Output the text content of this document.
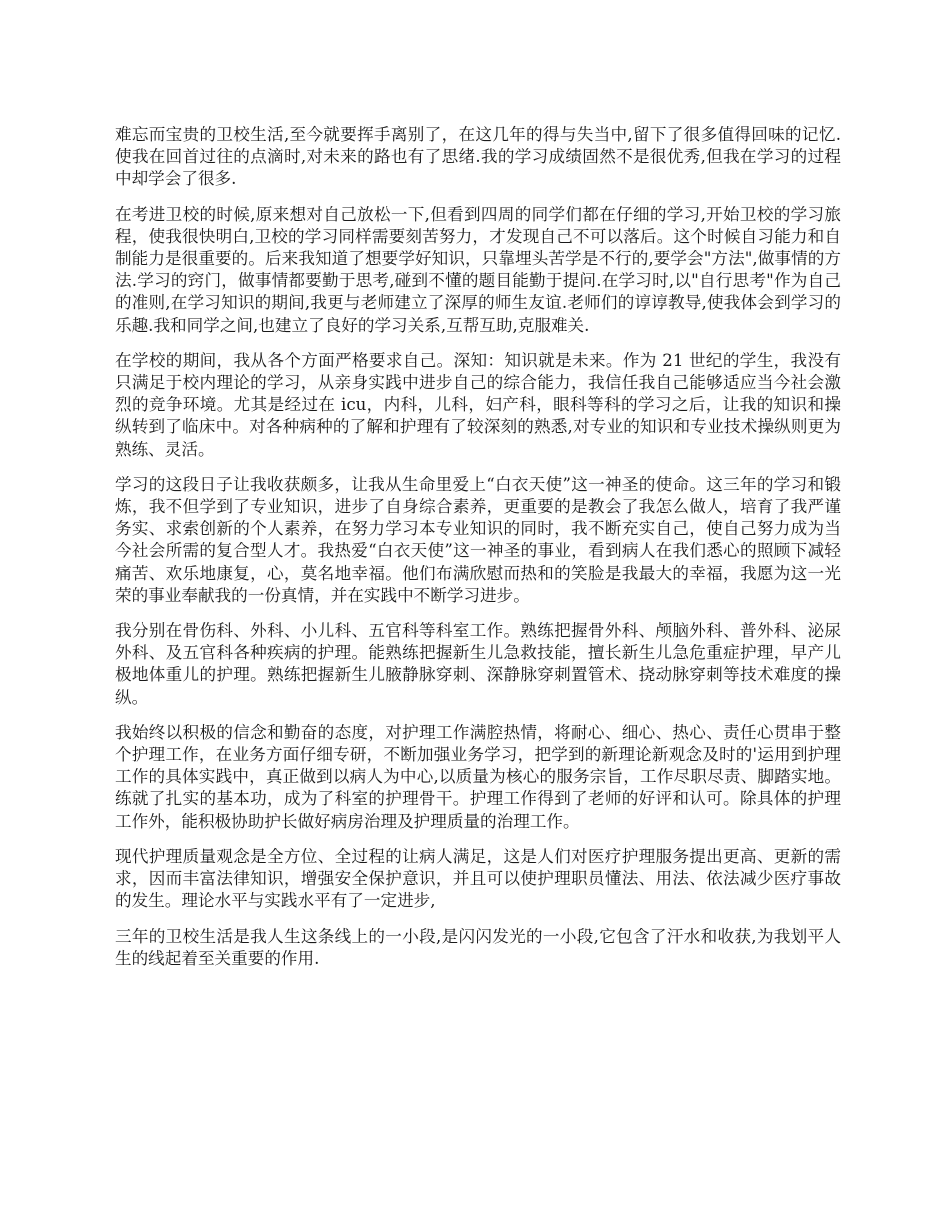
难忘而宝贵的卫校生活,至今就要挥手离别了，在这几年的得与失当中,留下了很多值得回味的记忆.使我在回首过往的点滴时,对未来的路也有了思绪.我的学习成绩固然不是很优秀,但我在学习的过程中却学会了很多.

在考进卫校的时候,原来想对自己放松一下,但看到四周的同学们都在仔细的学习,开始卫校的学习旅程，使我很快明白,卫校的学习同样需要刻苦努力，才发现自己不可以落后。这个时候自习能力和自制能力是很重要的。后来我知道了想要学好知识，只靠埋头苦学是不行的,要学会"方法",做事情的方法.学习的窍门，做事情都要勤于思考,碰到不懂的题目能勤于提问.在学习时,以"自行思考"作为自己的准则,在学习知识的期间,我更与老师建立了深厚的师生友谊.老师们的谆谆教导,使我体会到学习的乐趣.我和同学之间,也建立了良好的学习关系,互帮互助,克服难关.

在学校的期间，我从各个方面严格要求自己。深知：知识就是未来。作为 21 世纪的学生，我没有只满足于校内理论的学习，从亲身实践中进步自己的综合能力，我信任我自己能够适应当今社会激烈的竞争环境。尤其是经过在 icu，内科，儿科，妇产科，眼科等科的学习之后，让我的知识和操纵转到了临床中。对各种病种的了解和护理有了较深刻的熟悉,对专业的知识和专业技术操纵则更为熟练、灵活。

学习的这段日子让我收获颇多，让我从生命里爱上“白衣天使”这一神圣的使命。这三年的学习和锻炼，我不但学到了专业知识，进步了自身综合素养，更重要的是教会了我怎么做人，培育了我严谨务实、求索创新的个人素养，在努力学习本专业知识的同时，我不断充实自己，使自己努力成为当今社会所需的复合型人才。我热爱“白衣天使”这一神圣的事业，看到病人在我们悉心的照顾下减轻痛苦、欢乐地康复，心，莫名地幸福。他们布满欣慰而热和的笑脸是我最大的幸福，我愿为这一光荣的事业奉献我的一份真情，并在实践中不断学习进步。

我分别在骨伤科、外科、小儿科、五官科等科室工作。熟练把握骨外科、颅脑外科、普外科、泌尿外科、及五官科各种疾病的护理。能熟练把握新生儿急救技能，擅长新生儿急危重症护理，早产儿极地体重儿的护理。熟练把握新生儿腋静脉穿刺、深静脉穿刺置管术、挠动脉穿刺等技术难度的操纵。

我始终以积极的信念和勤奋的态度，对护理工作满腔热情，将耐心、细心、热心、责任心贯串于整个护理工作，在业务方面仔细专研，不断加强业务学习，把学到的新理论新观念及时的'运用到护理工作的具体实践中，真正做到以病人为中心,以质量为核心的服务宗旨，工作尽职尽责、脚踏实地。练就了扎实的基本功，成为了科室的护理骨干。护理工作得到了老师的好评和认可。除具体的护理工作外，能积极协助护长做好病房治理及护理质量的治理工作。

现代护理质量观念是全方位、全过程的让病人满足，这是人们对医疗护理服务提出更高、更新的需求，因而丰富法律知识，增强安全保护意识，并且可以使护理职员懂法、用法、依法减少医疗事故的发生。理论水平与实践水平有了一定进步,

三年的卫校生活是我人生这条线上的一小段,是闪闪发光的一小段,它包含了汗水和收获,为我划平人生的线起着至关重要的作用.
